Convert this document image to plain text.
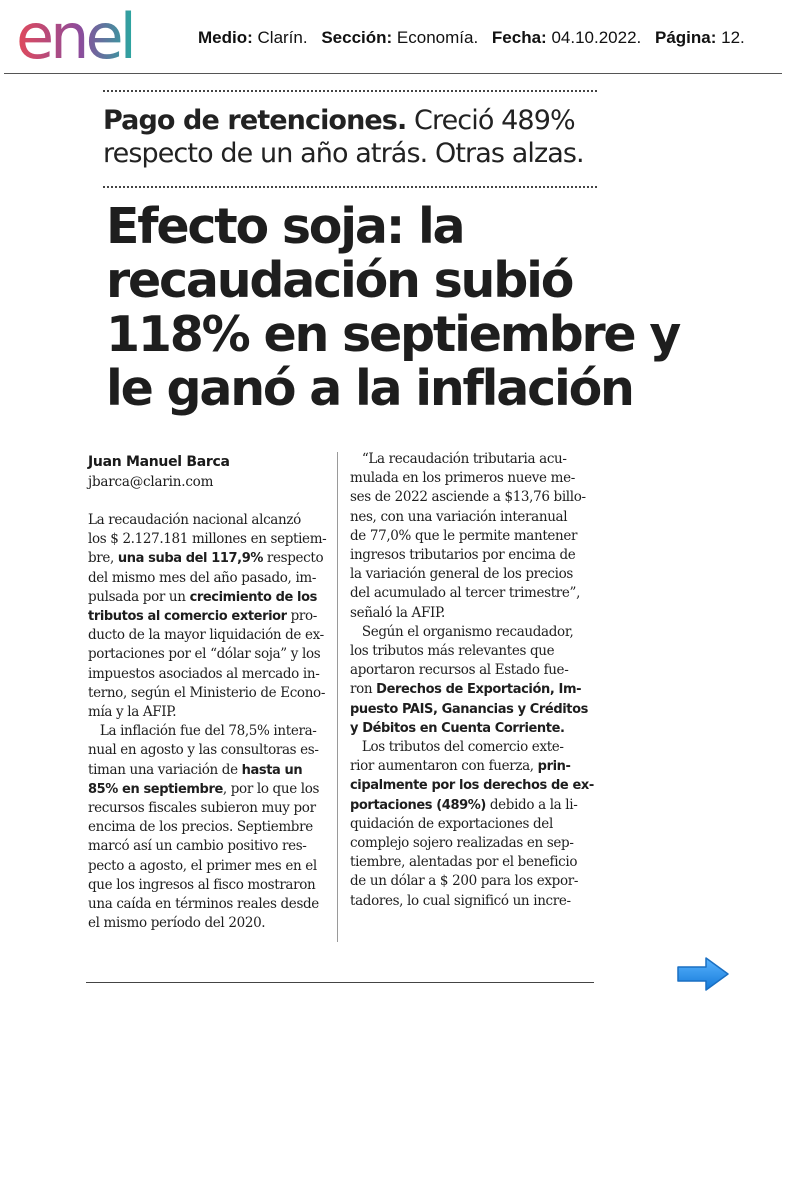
enel	Medio: Clarín. Sección: Economía. Fecha: 04.10.2022. Página: 12.
Pago de retenciones. Creció 489%
respecto de un año atrás. Otras alzas.
Efecto soja: la
recaudación subió
118% en septiembre y
le ganó a la inflación
Juan Manuel Barca
jbarca@clarin.com
La recaudación nacional alcanzó
los $ 2.127.181 millones en septiem-
bre, una suba del 117,9% respecto
del mismo mes del año pasado, im-
pulsada por un crecimiento de los
tributos al comercio exterior pro-
ducto de la mayor liquidación de ex-
portaciones por el “dólar soja” y los
impuestos asociados al mercado in-
terno, según el Ministerio de Econo-
mía y la AFIP.
La inflación fue del 78,5% intera-
nual en agosto y las consultoras es-
timan una variación de hasta un
85% en septiembre, por lo que los
recursos fiscales subieron muy por
encima de los precios. Septiembre
marcó así un cambio positivo res-
pecto a agosto, el primer mes en el
que los ingresos al fisco mostraron
una caída en términos reales desde
el mismo período del 2020.
“La recaudación tributaria acu-
mulada en los primeros nueve me-
ses de 2022 asciende a $13,76 billo-
nes, con una variación interanual
de 77,0% que le permite mantener
ingresos tributarios por encima de
la variación general de los precios
del acumulado al tercer trimestre”,
señaló la AFIP.
Según el organismo recaudador,
los tributos más relevantes que
aportaron recursos al Estado fue-
ron Derechos de Exportación, Im-
puesto PAIS, Ganancias y Créditos
y Débitos en Cuenta Corriente.
Los tributos del comercio exte-
rior aumentaron con fuerza, prin-
cipalmente por los derechos de ex-
portaciones (489%) debido a la li-
quidación de exportaciones del
complejo sojero realizadas en sep-
tiembre, alentadas por el beneficio
de un dólar a $ 200 para los expor-
tadores, lo cual significó un incre-
